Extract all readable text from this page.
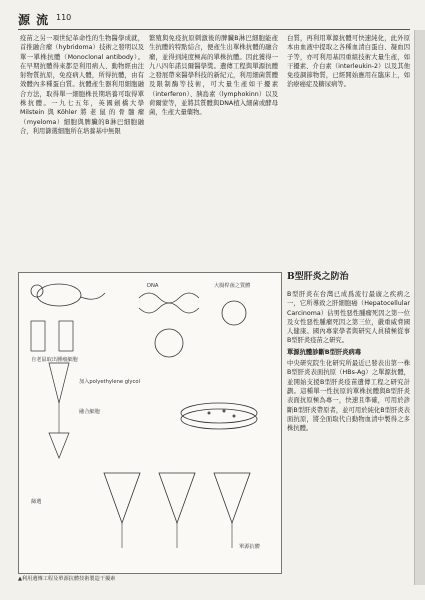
源 流 110

疫苗之另一項世紀革命性的生物醫學成就，首推融合瘤（hybridoma）技術之發明以及單一單株抗體（Monoclonal antibody）。在早期抗體得來都是利用病人、動物經由注射物質抗原，免疫病人體，所得抗體，由有效體內多種蛋白質。抗體產生器利用細胞融合方法，取得單一細胞株長期培養可取得單株抗體。一九七五年，英國劍橋大學Milstein與Köhler將老鼠的骨髓瘤（myeloma）細胞與脾臟的B淋巴細胞融合，利用篩選細胞所在培養基中無限

繁殖與免疫抗原刺激後的脾臟B淋巴細胞能產生抗體的特點結合，便產生出單株抗體的融合瘤，並得到純度極高的單株抗體。因此獲得一九八四年諾貝爾醫學獎。遺傳工程與單源抗體之發展帶來醫學科技的新紀元，利用細菌質體及限制酶等技術，可大量生產如干擾素（interferon）、胰島素（lymphokinn）以及荷爾蒙等，並將其質體與DNA植入細菌或酵母菌，生產大量藥物。

白質，再利用單源抗體可快速純化，此外原本由血液中提取之各種血清白蛋白、凝血因子等，亦可利用基因重組技術大量生產，如干擾素、介白素（interleukin-2）以及其他免疫調節物質，已經開始應用在臨床上，如治療癌症及糖尿病等。

B型肝炎之防治

B型肝炎在台灣已成爲流行最廣之疾病之一，它所導致之肝細胞癌（Hepatocellular Carcinoma）佔男性惡性腫瘤死因之第一位及女性惡性腫瘤死因之第三位，嚴重威脅國人健康。國內專家學者與研究人員積極從事B型肝炎疫苗之研究。

單源抗體診斷B型肝炎病毒

中央研究院生化研究所最近已發表出第一株B型肝炎表面抗原（HBs-Ag）之單源抗體，並開始支援B型肝炎疫苗遺傳工程之研究計劃。這種單一性抗原的單株抗體與B型肝炎表面抗原極為專一，快速且準確，可用於診斷B型肝炎帶原者，並可用於純化B型肝炎表面抗原，將全面取代自動物血清中製得之多株抗體。

自老鼠取出腫瘤細胞
加入polyethylene glycol
融合細胞
DNA	大腸桿菌之質體
篩選
單源抗體
▲利用遺傳工程及單源抗體技術製造干擾素
